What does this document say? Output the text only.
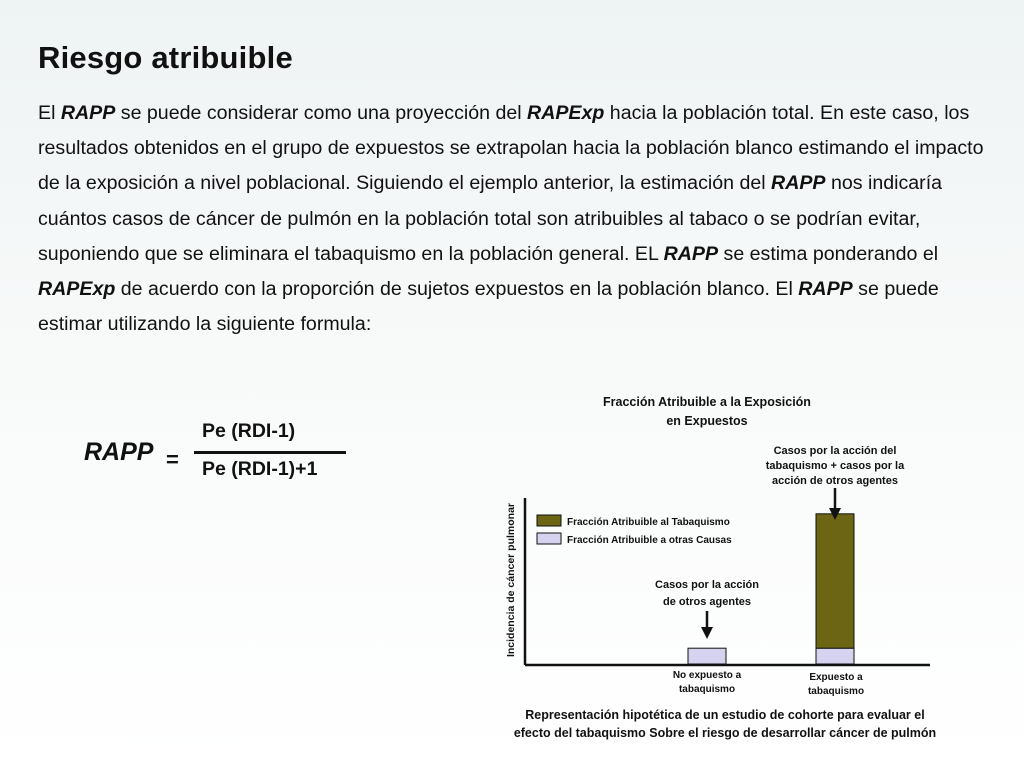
Riesgo atribuible

El RAPP se puede considerar como una proyección del RAPExp hacia la población total. En este caso, los resultados obtenidos en el grupo de expuestos se extrapolan hacia la población blanco estimando el impacto de la exposición a nivel poblacional. Siguiendo el ejemplo anterior, la estimación del RAPP nos indicaría cuántos casos de cáncer de pulmón en la población total son atribuibles al tabaco o se podrían evitar, suponiendo que se eliminara el tabaquismo en la población general. EL RAPP se estima ponderando el RAPExp de acuerdo con la proporción de sujetos expuestos en la población blanco. El RAPP se puede estimar utilizando la siguiente formula:

RAPP =
Pe (RDI-1)
Pe (RDI-1)+1
Fracción Atribuible a la Exposición
en Expuestos
Incidencia de cáncer pulmonar	Fracción Atribuible al Tabaquismo
Fracción Atribuible a otras Causas
Casos por la acción del
tabaquismo + casos por la
acción de otros agentes
Casos por la acción
de otros agentes
No expuesto a
tabaquismo
Expuesto a
tabaquismo

Representación hipotética de un estudio de cohorte para evaluar el
efecto del tabaquismo Sobre el riesgo de desarrollar cáncer de pulmón
